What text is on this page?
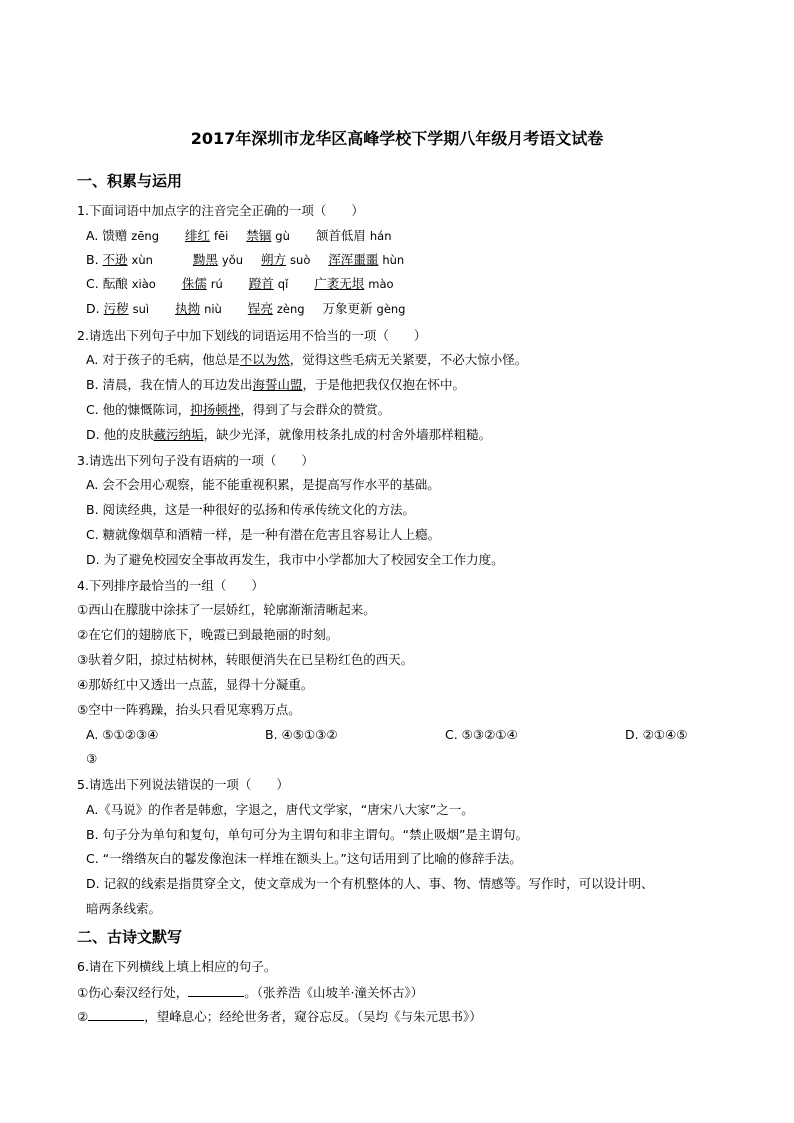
2017年深圳市龙华区高峰学校下学期八年级月考语文试卷
一、积累与运用
1.下面词语中加点字的注音完全正确的一项（　　）
A. 馈赠 zēng 绯红 fēi 禁锢 gù 颔首低眉 hán
B. 不逊 xùn	黝黑 yǒu 朔方 suò 浑浑噩噩 hùn
C. 酝酿 xiào 侏儒 rú 蹬首 qǐ 广袤无垠 mào
D. 污秽 suì 执拗 niù 锃亮 zèng 万象更新 gèng
2.请选出下列句子中加下划线的词语运用不恰当的一项（　　）
A. 对于孩子的毛病，他总是不以为然，觉得这些毛病无关紧要，不必大惊小怪。
B. 清晨，我在情人的耳边发出海誓山盟，于是他把我仅仅抱在怀中。
C. 他的慷慨陈词，抑扬顿挫，得到了与会群众的赞赏。
D. 他的皮肤藏污纳垢，缺少光泽，就像用枝条扎成的村舍外墙那样粗糙。
3.请选出下列句子没有语病的一项（　　）
A. 会不会用心观察，能不能重视积累，是提高写作水平的基础。
B. 阅读经典，这是一种很好的弘扬和传承传统文化的方法。
C. 糖就像烟草和酒精一样，是一种有潜在危害且容易让人上瘾。
D. 为了避免校园安全事故再发生，我市中小学都加大了校园安全工作力度。
4.下列排序最恰当的一组（　　）
①西山在朦胧中涂抹了一层娇红，轮廓渐渐清晰起来。
②在它们的翅膀底下，晚霞已到最艳丽的时刻。
③驮着夕阳，掠过枯树林，转眼便消失在已呈粉红色的西天。
④那娇红中又透出一点蓝，显得十分凝重。
⑤空中一阵鸦躁，抬头只看见寒鸦万点。
A. ⑤①②③④	B. ④⑤①③②	C. ⑤③②①④	D. ②①④⑤
③
5.请选出下列说法错误的一项（　　）
A.《马说》的作者是韩愈，字退之，唐代文学家，“唐宋八大家”之一。
B. 句子分为单句和复句，单句可分为主谓句和非主谓句。“禁止吸烟”是主谓句。
C. “一绺绺灰白的鬈发像泡沫一样堆在额头上。”这句话用到了比喻的修辞手法。
D. 记叙的线索是指贯穿全文，使文章成为一个有机整体的人、事、物、情感等。写作时，可以设计明、
暗两条线索。
二、古诗文默写
6.请在下列横线上填上相应的句子。
①伤心秦汉经行处，	。（张养浩《山坡羊·潼关怀古》）
②	，望峰息心；经纶世务者，窥谷忘反。（吴均《与朱元思书》）
